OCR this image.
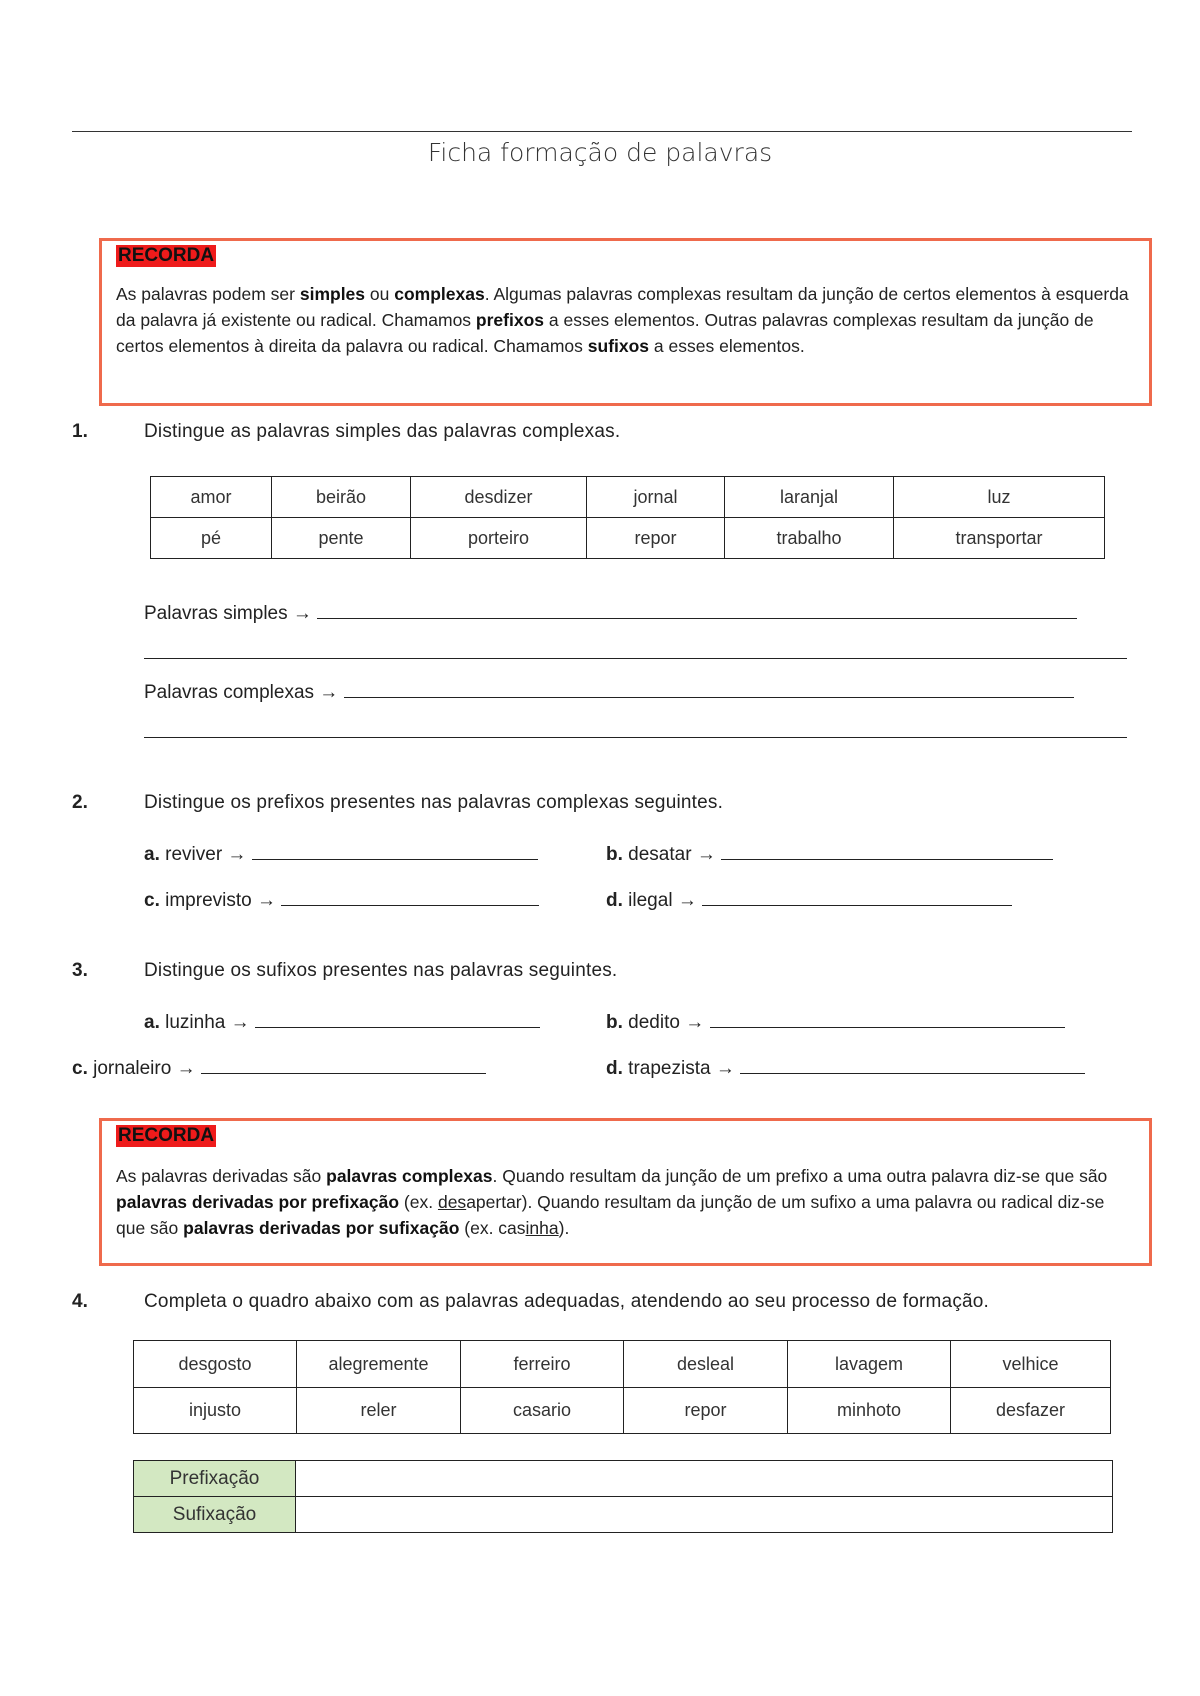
Ficha formação de palavras
RECORDA
As palavras podem ser simples ou complexas. Algumas palavras complexas resultam da junção de certos elementos à esquerda da palavra já existente ou radical. Chamamos prefixos a esses elementos. Outras palavras complexas resultam da junção de certos elementos à direita da palavra ou radical. Chamamos sufixos a esses elementos.
1.	Distingue as palavras simples das palavras complexas.
amor	beirão	desdizer	jornal	laranjal	luz
pé	pente	porteiro	repor	trabalho	transportar
Palavras simples →
Palavras complexas →
2.	Distingue os prefixos presentes nas palavras complexas seguintes.
a. reviver →	b. desatar →
c. imprevisto →	d. ilegal →
3.	Distingue os sufixos presentes nas palavras seguintes.
a. luzinha →	b. dedito →
c. jornaleiro →	d. trapezista →
RECORDA
As palavras derivadas são palavras complexas. Quando resultam da junção de um prefixo a uma outra palavra diz-se que são palavras derivadas por prefixação (ex. desapertar). Quando resultam da junção de um sufixo a uma palavra ou radical diz-se que são palavras derivadas por sufixação (ex. casinha).
4.	Completa o quadro abaixo com as palavras adequadas, atendendo ao seu processo de formação.
desgosto	alegremente	ferreiro	desleal	lavagem	velhice
injusto	reler	casario	repor	minhoto	desfazer
Prefixação	
Sufixação	
